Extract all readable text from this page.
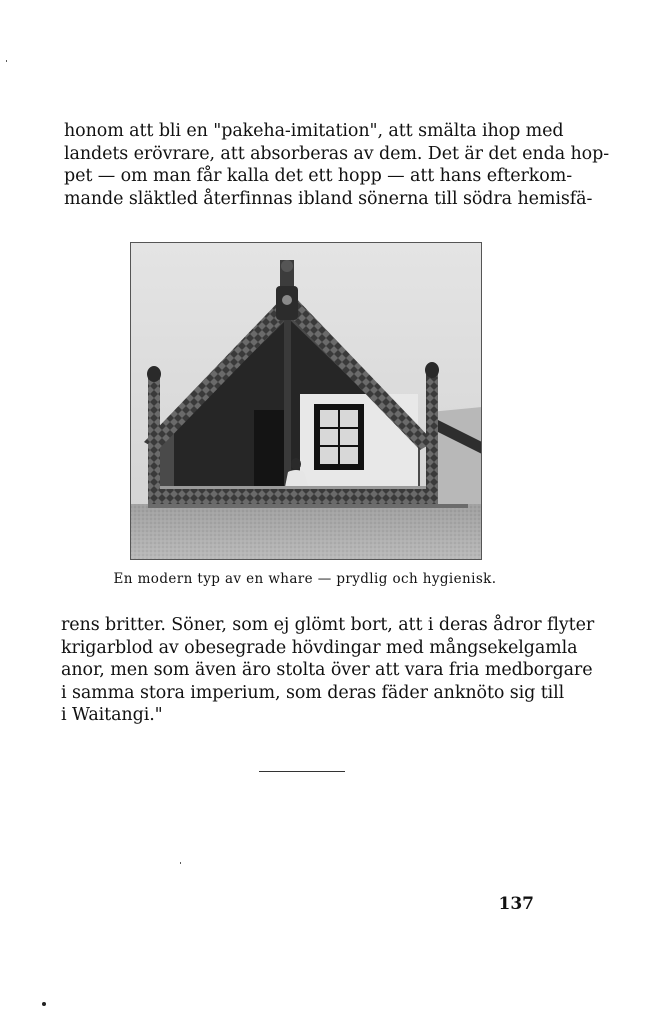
honom att bli en "pakeha-imitation", att smälta ihop med
landets erövrare, att absorberas av dem. Det är det enda hop-
pet — om man får kalla det ett hopp — att hans efterkom-
mande släktled återfinnas ibland sönerna till södra hemisfä-
En modern typ av en whare — prydlig och hygienisk.
rens britter. Söner, som ej glömt bort, att i deras ådror flyter
krigarblod av obesegrade hövdingar med mångsekelgamla
anor, men som även äro stolta över att vara fria medborgare
i samma stora imperium, som deras fäder anknöto sig till
i Waitangi."
137
